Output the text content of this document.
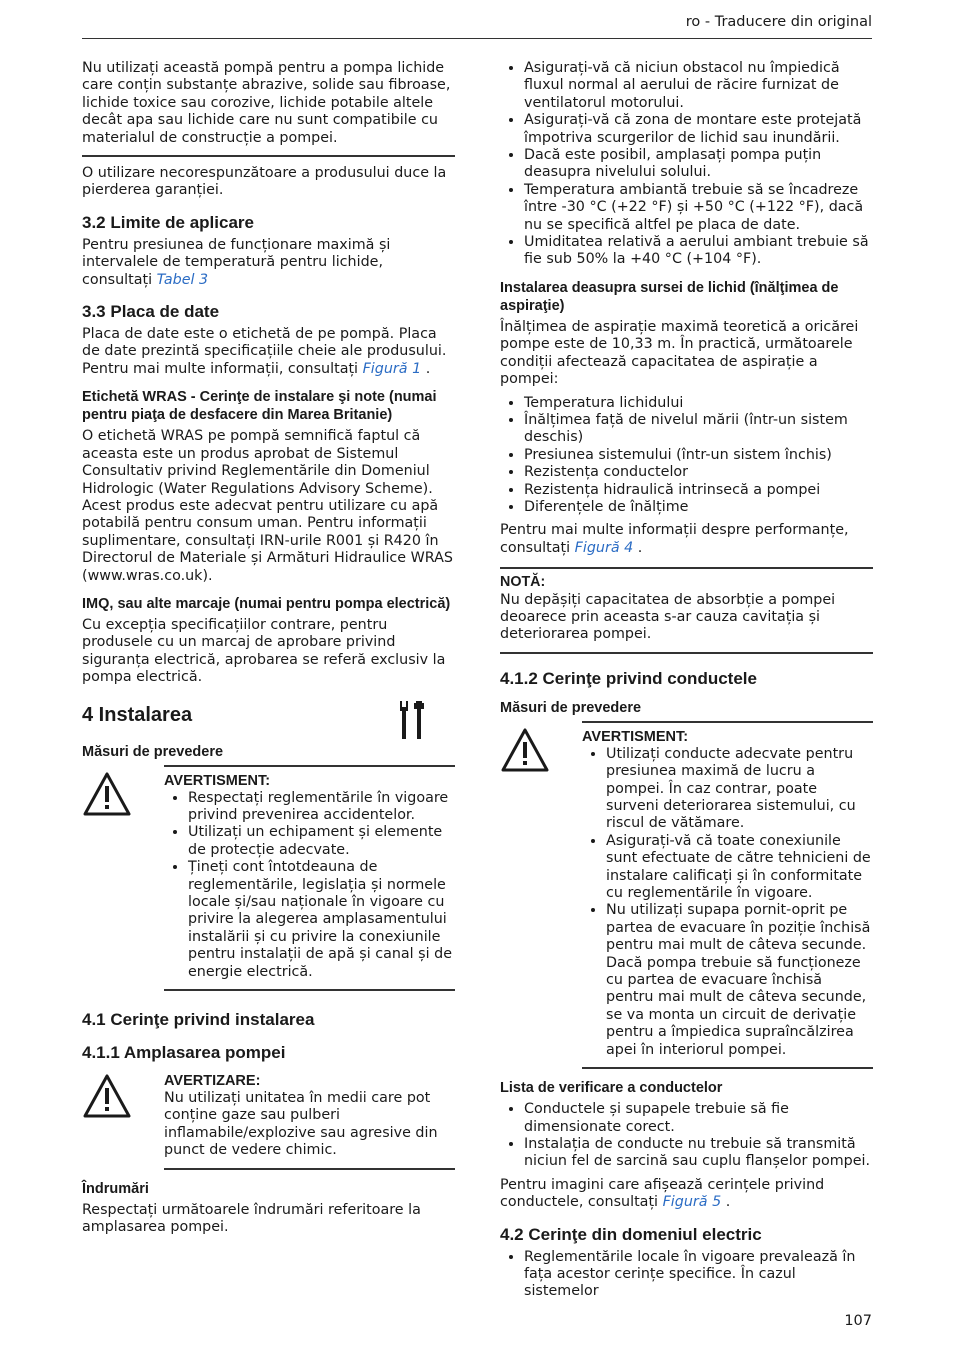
ro - Traducere din original

Nu utilizați această pompă pentru a pompa lichide care conțin substanțe abrazive, solide sau fibroase, lichide toxice sau corozive, lichide potabile altele decât apa sau lichide care nu sunt compatibile cu materialul de construcție a pompei.

O utilizare necorespunzătoare a produsului duce la pierderea garanției.

3.2 Limite de aplicare

Pentru presiunea de funcționare maximă și intervalele de temperatură pentru lichide, consultați Tabel 3

3.3 Placa de date

Placa de date este o etichetă de pe pompă. Placa de date prezintă specificațiile cheie ale produsului. Pentru mai multe informații, consultați Figură 1 .

Etichetă WRAS - Cerinţe de instalare şi note (numai pentru piaţa de desfacere din Marea Britanie)

O etichetă WRAS pe pompă semnifică faptul că aceasta este un produs aprobat de Sistemul Consultativ privind Reglementările din Domeniul Hidrologic (Water Regulations Advisory Scheme). Acest produs este adecvat pentru utilizare cu apă potabilă pentru consum uman. Pentru informații suplimentare, consultați IRN-urile R001 și R420 în Directorul de Materiale și Armături Hidraulice WRAS (www.wras.co.uk).

IMQ, sau alte marcaje (numai pentru pompa electrică)

Cu excepția specificațiilor contrare, pentru produsele cu un marcaj de aprobare privind siguranța electrică, aprobarea se referă exclusiv la pompa electrică.

4 Instalarea
Măsuri de prevedere
AVERTISMENT:
• Respectați reglementările în vigoare privind prevenirea accidentelor.
• Utilizați un echipament și elemente de protecție adecvate.
• Țineți cont întotdeauna de reglementările, legislația și normele locale și/sau naționale în vigoare cu privire la alegerea amplasamentului instalării și cu privire la conexiunile pentru instalații de apă și canal și de energie electrică.
4.1 Cerinţe privind instalarea
4.1.1 Amplasarea pompei
AVERTIZARE:

Nu utilizați unitatea în medii care pot conține gaze sau pulberi inflamabile/explozive sau agresive din punct de vedere chimic.

Îndrumări

Respectați următoarele îndrumări referitoare la amplasarea pompei.

• Asigurați-vă că niciun obstacol nu împiedică fluxul normal al aerului de răcire furnizat de ventilatorul motorului.
• Asigurați-vă că zona de montare este protejată împotriva scurgerilor de lichid sau inundării.
• Dacă este posibil, amplasați pompa puțin deasupra nivelului solului.
• Temperatura ambiantă trebuie să se încadreze între -30 °C (+22 °F) și +50 °C (+122 °F), dacă nu se specifică altfel pe placa de date.
• Umiditatea relativă a aerului ambiant trebuie să fie sub 50% la +40 °C (+104 °F).
Instalarea deasupra sursei de lichid (înălţimea de aspiraţie)

Înălțimea de aspirație maximă teoretică a oricărei pompe este de 10,33 m. În practică, următoarele condiții afectează capacitatea de aspirație a pompei:

• Temperatura lichidului
• Înălțimea față de nivelul mării (într-un sistem deschis)
• Presiunea sistemului (într-un sistem închis)
• Rezistența conductelor
• Rezistența hidraulică intrinsecă a pompei
• Diferențele de înălțime

Pentru mai multe informații despre performanțe, consultați Figură 4 .

NOTĂ:

Nu depășiți capacitatea de absorbție a pompei deoarece prin aceasta s-ar cauza cavitația și deteriorarea pompei.

4.1.2 Cerinţe privind conductele
Măsuri de prevedere
AVERTISMENT:
• Utilizați conducte adecvate pentru presiunea maximă de lucru a pompei. În caz contrar, poate surveni deteriorarea sistemului, cu riscul de vătămare.
• Asigurați-vă că toate conexiunile sunt efectuate de către tehnicieni de instalare calificați și în conformitate cu reglementările în vigoare.
• Nu utilizați supapa pornit-oprit pe partea de evacuare în poziție închisă pentru mai mult de câteva secunde. Dacă pompa trebuie să funcționeze cu partea de evacuare închisă pentru mai mult de câteva secunde, se va monta un circuit de derivație pentru a împiedica supraîncălzirea apei în interiorul pompei.
Lista de verificare a conductelor
• Conductele și supapele trebuie să fie dimensionate corect.
• Instalația de conducte nu trebuie să transmită niciun fel de sarcină sau cuplu flanșelor pompei.

Pentru imagini care afișează cerințele privind conductele, consultați Figură 5 .

4.2 Cerinţe din domeniul electric
• Reglementările locale în vigoare prevalează în fața acestor cerințe specifice. În cazul sistemelor
107
